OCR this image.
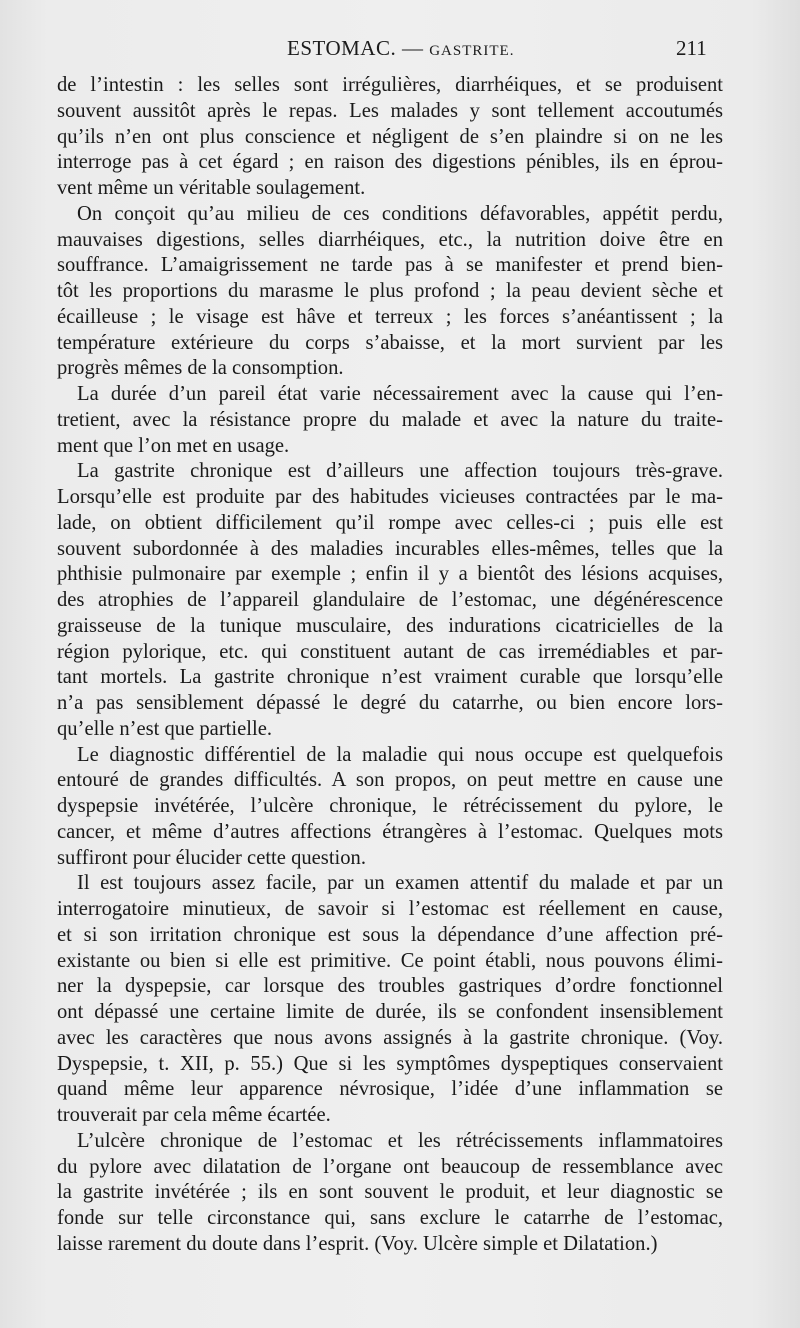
ESTOMAC. — GASTRITE.	211

de l’intestin : les selles sont irrégulières, diarrhéiques, et se produisent
souvent aussitôt après le repas. Les malades y sont tellement accoutumés
qu’ils n’en ont plus conscience et négligent de s’en plaindre si on ne les
interroge pas à cet égard ; en raison des digestions pénibles, ils en éprou-
vent même un véritable soulagement.

On conçoit qu’au milieu de ces conditions défavorables, appétit perdu,
mauvaises digestions, selles diarrhéiques, etc., la nutrition doive être en
souffrance. L’amaigrissement ne tarde pas à se manifester et prend bien-
tôt les proportions du marasme le plus profond ; la peau devient sèche et
écailleuse ; le visage est hâve et terreux ; les forces s’anéantissent ; la
température extérieure du corps s’abaisse, et la mort survient par les
progrès mêmes de la consomption.

La durée d’un pareil état varie nécessairement avec la cause qui l’en-
tretient, avec la résistance propre du malade et avec la nature du traite-
ment que l’on met en usage.

La gastrite chronique est d’ailleurs une affection toujours très-grave.
Lorsqu’elle est produite par des habitudes vicieuses contractées par le ma-
lade, on obtient difficilement qu’il rompe avec celles-ci ; puis elle est
souvent subordonnée à des maladies incurables elles-mêmes, telles que la
phthisie pulmonaire par exemple ; enfin il y a bientôt des lésions acquises,
des atrophies de l’appareil glandulaire de l’estomac, une dégénérescence
graisseuse de la tunique musculaire, des indurations cicatricielles de la
région pylorique, etc. qui constituent autant de cas irremédiables et par-
tant mortels. La gastrite chronique n’est vraiment curable que lorsqu’elle
n’a pas sensiblement dépassé le degré du catarrhe, ou bien encore lors-
qu’elle n’est que partielle.

Le diagnostic différentiel de la maladie qui nous occupe est quelquefois
entouré de grandes difficultés. A son propos, on peut mettre en cause une
dyspepsie invétérée, l’ulcère chronique, le rétrécissement du pylore, le
cancer, et même d’autres affections étrangères à l’estomac. Quelques mots
suffiront pour élucider cette question.

Il est toujours assez facile, par un examen attentif du malade et par un
interrogatoire minutieux, de savoir si l’estomac est réellement en cause,
et si son irritation chronique est sous la dépendance d’une affection pré-
existante ou bien si elle est primitive. Ce point établi, nous pouvons élimi-
ner la dyspepsie, car lorsque des troubles gastriques d’ordre fonctionnel
ont dépassé une certaine limite de durée, ils se confondent insensiblement
avec les caractères que nous avons assignés à la gastrite chronique. (Voy.
Dyspepsie, t. XII, p. 55.) Que si les symptômes dyspeptiques conservaient
quand même leur apparence névrosique, l’idée d’une inflammation se
trouverait par cela même écartée.

L’ulcère chronique de l’estomac et les rétrécissements inflammatoires
du pylore avec dilatation de l’organe ont beaucoup de ressemblance avec
la gastrite invétérée ; ils en sont souvent le produit, et leur diagnostic se
fonde sur telle circonstance qui, sans exclure le catarrhe de l’estomac,
laisse rarement du doute dans l’esprit. (Voy. Ulcère simple et Dilatation.)
